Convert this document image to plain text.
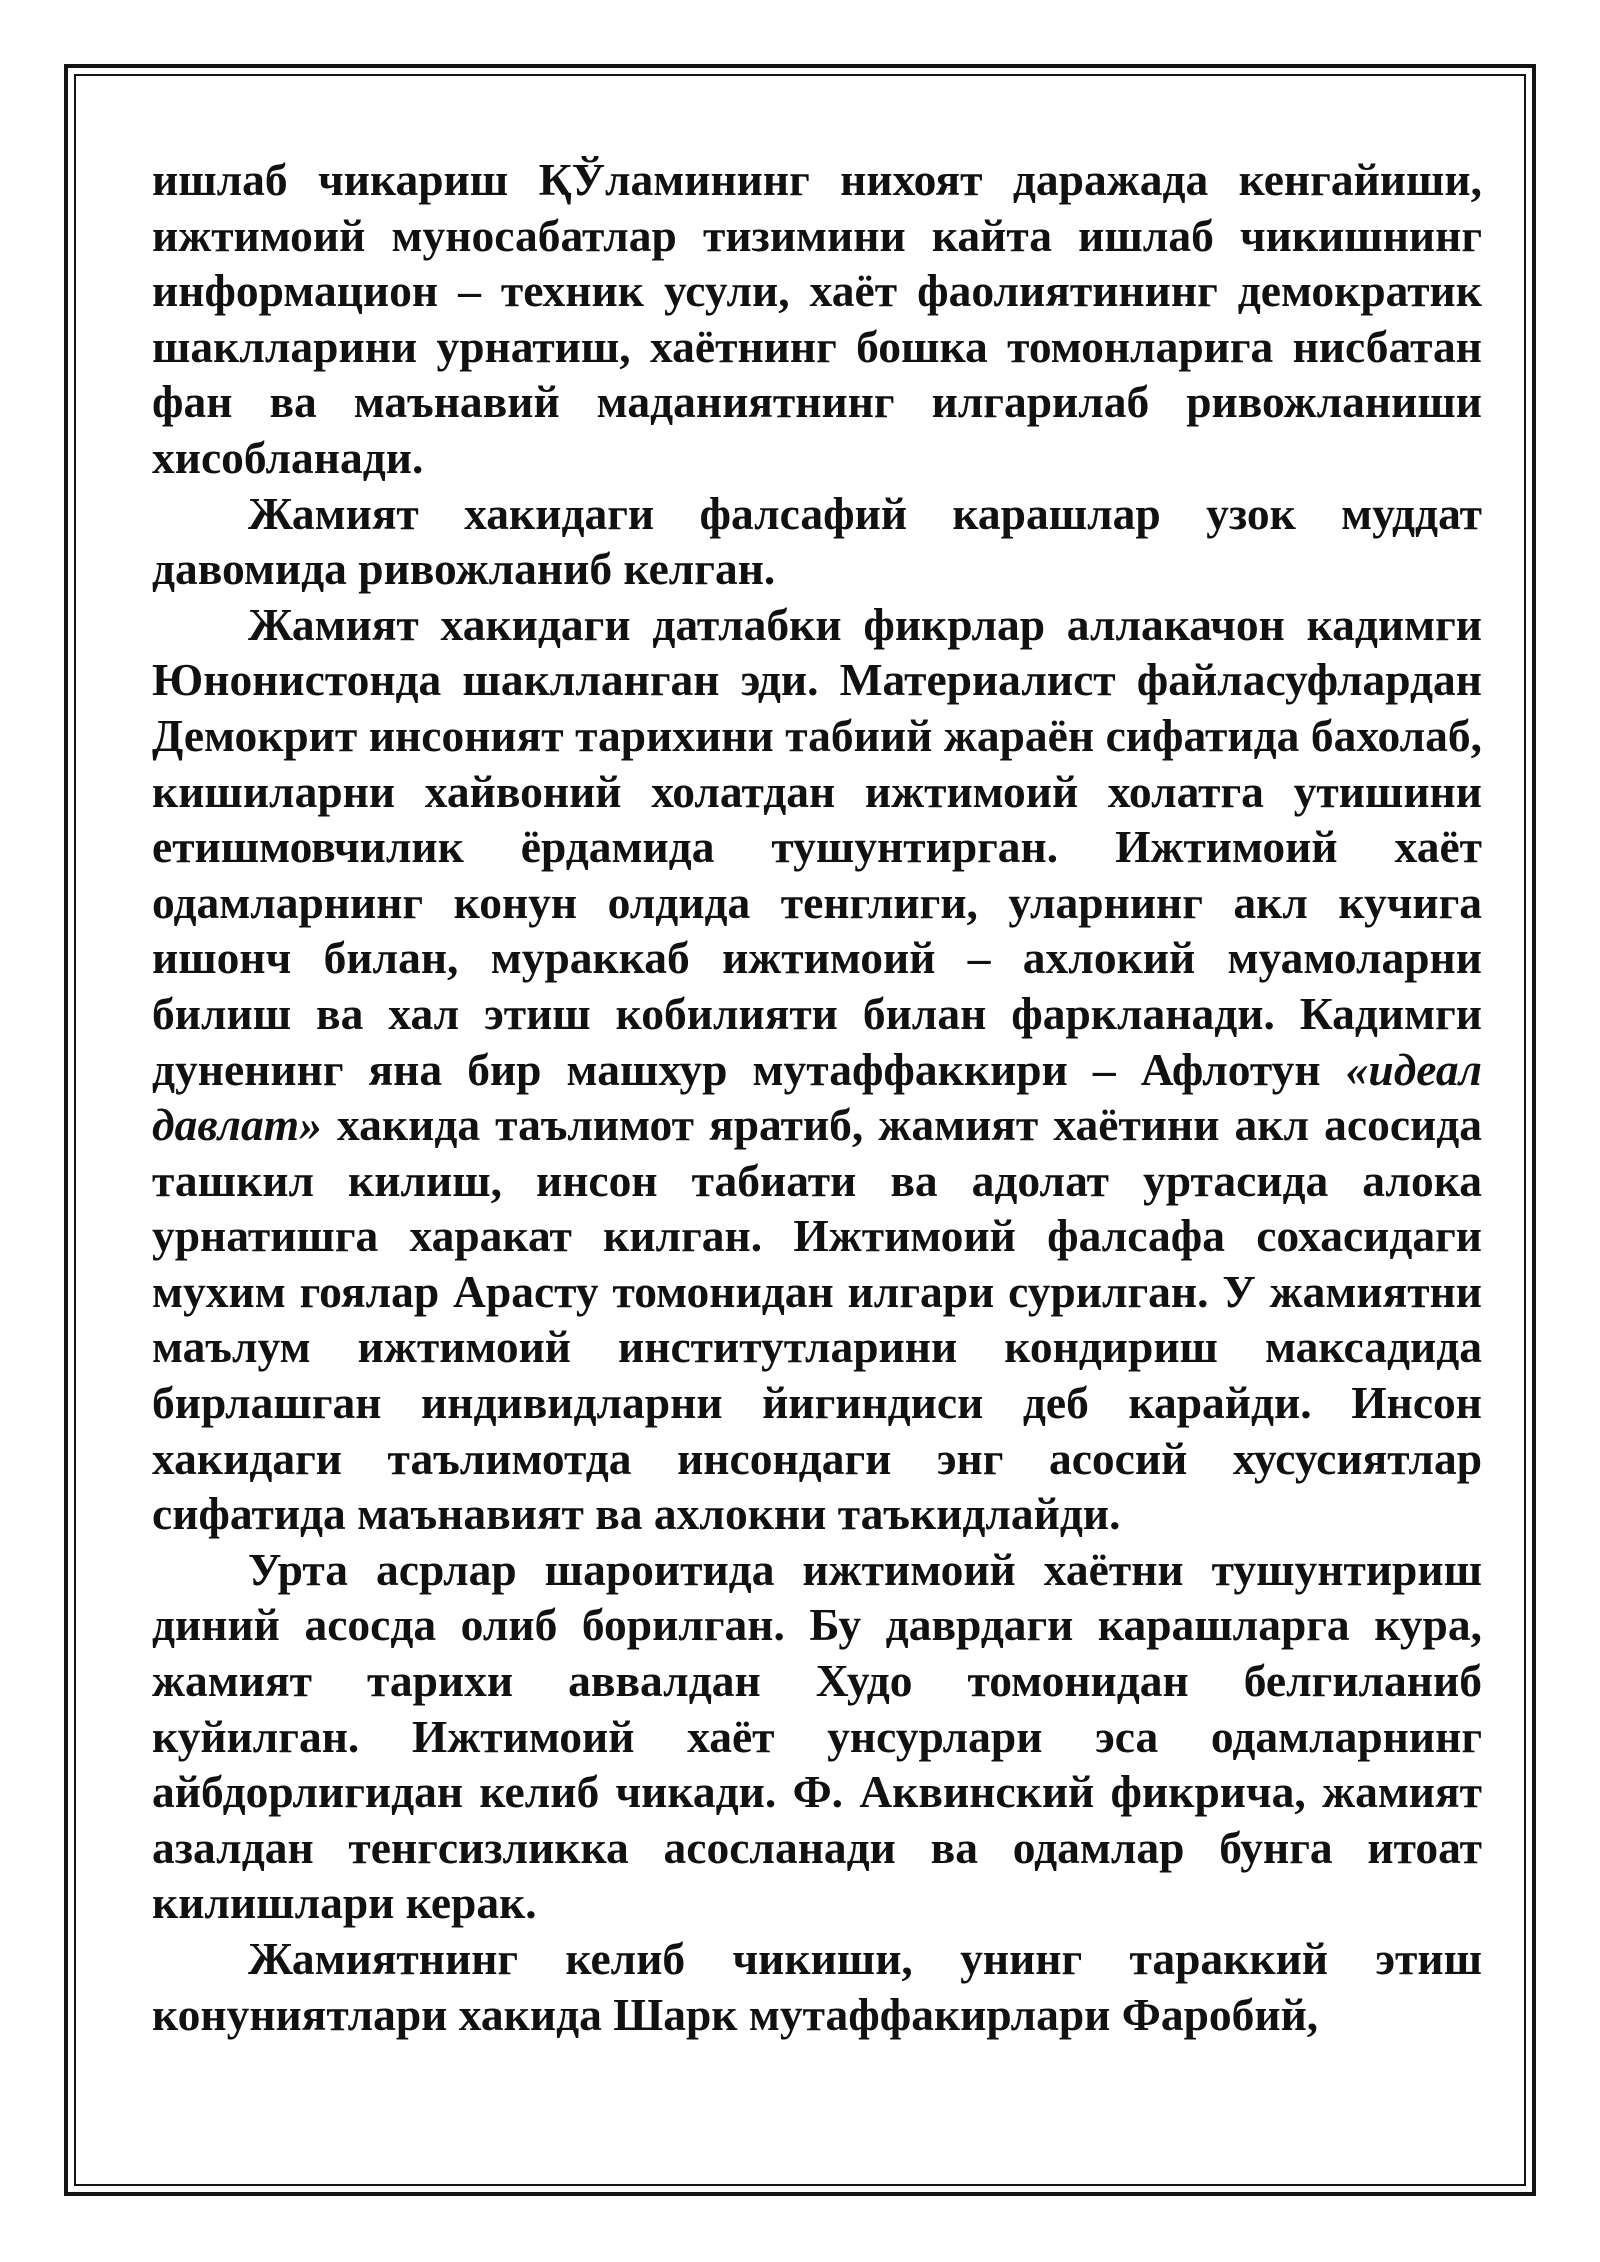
ишлаб чикариш ҚЎламининг нихоят даражада кенгайиши, ижтимоий муносабатлар тизимини кайта ишлаб чикишнинг информацион – техник усули, хаёт фаолиятининг демократик шаклларини урнатиш, хаётнинг бошка томонларига нисбатан фан ва маънавий маданиятнинг илгарилаб ривожланиши хисобланади.

Жамият хакидаги фалсафий карашлар узок муддат давомида ривожланиб келган.

Жамият хакидаги датлабки фикрлар аллакачон кадимги Юнонистонда шаклланган эди. Материалист файласуфлардан Демокрит инсоният тарихини табиий жараён сифатида бахолаб, кишиларни хайвоний холатдан ижтимоий холатга утишини етишмовчилик ёрдамида тушунтирган. Ижтимоий хаёт одамларнинг конун олдида тенглиги, уларнинг акл кучига ишонч билан, мураккаб ижтимоий – ахлокий муамоларни билиш ва хал этиш кобилияти билан фаркланади. Кадимги дуненинг яна бир машхур мутаффаккири – Афлотун «идеал давлат» хакида таълимот яратиб, жамият хаётини акл асосида ташкил килиш, инсон табиати ва адолат уртасида алока урнатишга харакат килган. Ижтимоий фалсафа сохасидаги мухим гоялар Арасту томонидан илгари сурилган. У жамиятни маълум ижтимоий институтларини кондириш максадида бирлашган индивидларни йигиндиси деб карайди. Инсон хакидаги таълимотда инсондаги энг асосий хусусиятлар сифатида маънавият ва ахлокни таъкидлайди.

Урта асрлар шароитида ижтимоий хаётни тушунтириш диний асосда олиб борилган. Бу даврдаги карашларга кура, жамият тарихи аввалдан Худо томонидан белгиланиб куйилган. Ижтимоий хаёт унсурлари эса одамларнинг айбдорлигидан келиб чикади. Ф. Аквинский фикрича, жамият азалдан тенгсизликка асосланади ва одамлар бунга итоат килишлари керак.

Жамиятнинг келиб чикиши, унинг тараккий этиш конуниятлари хакида Шарк мутаффакирлари Фаробий,
